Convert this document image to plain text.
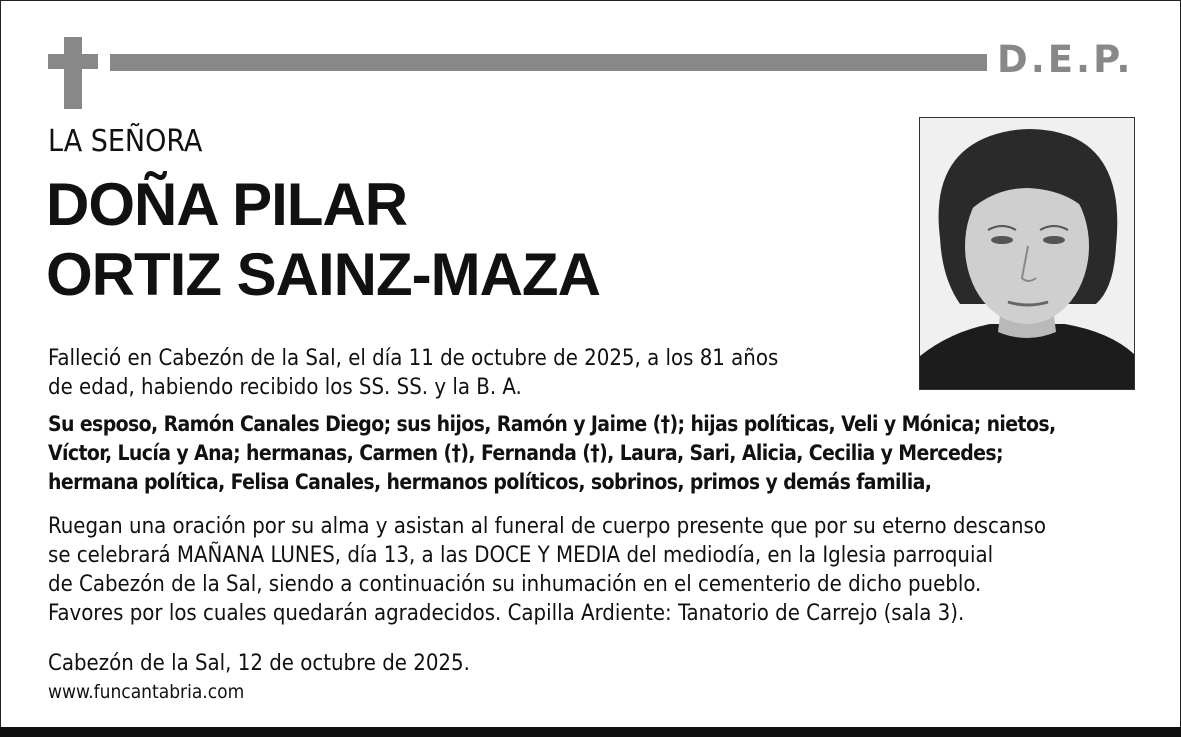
D.E.P.
LA SEÑORA
DOÑA PILAR
ORTIZ SAINZ-MAZA
Falleció en Cabezón de la Sal, el día 11 de octubre de 2025, a los 81 años
de edad, habiendo recibido los SS. SS. y la B. A.
Su esposo, Ramón Canales Diego; sus hijos, Ramón y Jaime (†); hijas políticas, Veli y Mónica; nietos,
Víctor, Lucía y Ana; hermanas, Carmen (†), Fernanda (†), Laura, Sari, Alicia, Cecilia y Mercedes;
hermana política, Felisa Canales, hermanos políticos, sobrinos, primos y demás familia,
Ruegan una oración por su alma y asistan al funeral de cuerpo presente que por su eterno descanso
se celebrará MAÑANA LUNES, día 13, a las DOCE Y MEDIA del mediodía, en la Iglesia parroquial
de Cabezón de la Sal, siendo a continuación su inhumación en el cementerio de dicho pueblo.
Favores por los cuales quedarán agradecidos. Capilla Ardiente: Tanatorio de Carrejo (sala 3).
Cabezón de la Sal, 12 de octubre de 2025.
www.funcantabria.com
